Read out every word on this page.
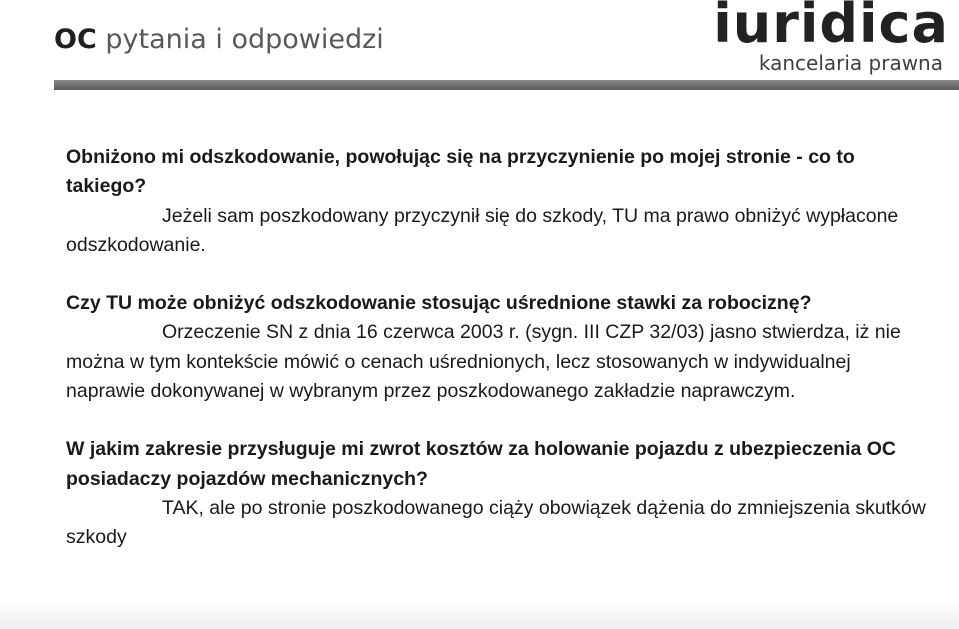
OC pytania i odpowiedzi	iuridica
kancelaria prawna

Obniżono mi odszkodowanie, powołując się na przyczynienie po mojej stronie - co to takiego?

Jeżeli sam poszkodowany przyczynił się do szkody, TU ma prawo obniżyć wypłacone odszkodowanie.

Czy TU może obniżyć odszkodowanie stosując uśrednione stawki za robociznę?

Orzeczenie SN z dnia 16 czerwca 2003 r. (sygn. III CZP 32/03) jasno stwierdza, iż nie można w tym kontekście mówić o cenach uśrednionych, lecz stosowanych w indywidualnej naprawie dokonywanej w wybranym przez poszkodowanego zakładzie naprawczym.

W jakim zakresie przysługuje mi zwrot kosztów za holowanie pojazdu z ubezpieczenia OC posiadaczy pojazdów mechanicznych?

TAK, ale po stronie poszkodowanego ciąży obowiązek dążenia do zmniejszenia skutków szkody
